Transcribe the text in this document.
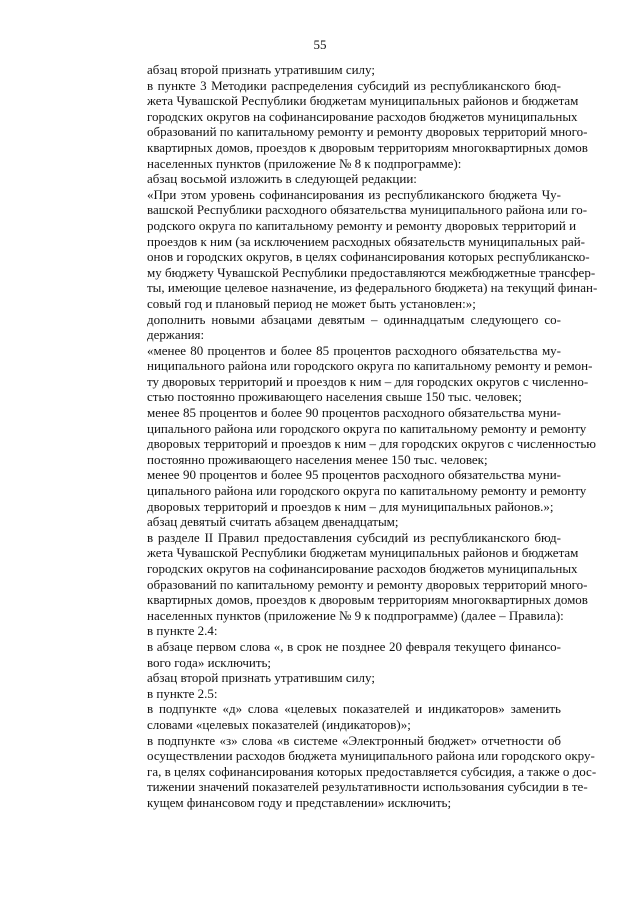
55
абзац второй признать утратившим силу;
в пункте 3 Методики распределения субсидий из республиканского бюд-
жета Чувашской Республики бюджетам муниципальных районов и бюджетам
городских округов на софинансирование расходов бюджетов муниципальных
образований по капитальному ремонту и ремонту дворовых территорий много-
квартирных домов, проездов к дворовым территориям многоквартирных домов
населенных пунктов (приложение № 8 к подпрограмме):
абзац восьмой изложить в следующей редакции:
«При этом уровень софинансирования из республиканского бюджета Чу-
вашской Республики расходного обязательства муниципального района или го-
родского округа по капитальному ремонту и ремонту дворовых территорий и
проездов к ним (за исключением расходных обязательств муниципальных рай-
онов и городских округов, в целях софинансирования которых республиканско-
му бюджету Чувашской Республики предоставляются межбюджетные трансфер-
ты, имеющие целевое назначение, из федерального бюджета) на текущий финан-
совый год и плановый период не может быть установлен:»;
дополнить новыми абзацами девятым – одиннадцатым следующего со-
держания:
«менее 80 процентов и более 85 процентов расходного обязательства му-
ниципального района или городского округа по капитальному ремонту и ремон-
ту дворовых территорий и проездов к ним – для городских округов с численно-
стью постоянно проживающего населения свыше 150 тыс. человек;
менее 85 процентов и более 90 процентов расходного обязательства муни-
ципального района или городского округа по капитальному ремонту и ремонту
дворовых территорий и проездов к ним – для городских округов с численностью
постоянно проживающего населения менее 150 тыс. человек;
менее 90 процентов и более 95 процентов расходного обязательства муни-
ципального района или городского округа по капитальному ремонту и ремонту
дворовых территорий и проездов к ним – для муниципальных районов.»;
абзац девятый считать абзацем двенадцатым;
в разделе II Правил предоставления субсидий из республиканского бюд-
жета Чувашской Республики бюджетам муниципальных районов и бюджетам
городских округов на софинансирование расходов бюджетов муниципальных
образований по капитальному ремонту и ремонту дворовых территорий много-
квартирных домов, проездов к дворовым территориям многоквартирных домов
населенных пунктов (приложение № 9 к подпрограмме) (далее – Правила):
в пункте 2.4:
в абзаце первом слова «, в срок не позднее 20 февраля текущего финансо-
вого года» исключить;
абзац второй признать утратившим силу;
в пункте 2.5:
в подпункте «д» слова «целевых показателей и индикаторов» заменить
словами «целевых показателей (индикаторов)»;
в подпункте «з» слова «в системе «Электронный бюджет» отчетности об
осуществлении расходов бюджета муниципального района или городского окру-
га, в целях софинансирования которых предоставляется субсидия, а также о дос-
тижении значений показателей результативности использования субсидии в те-
кущем финансовом году и представлении» исключить;
